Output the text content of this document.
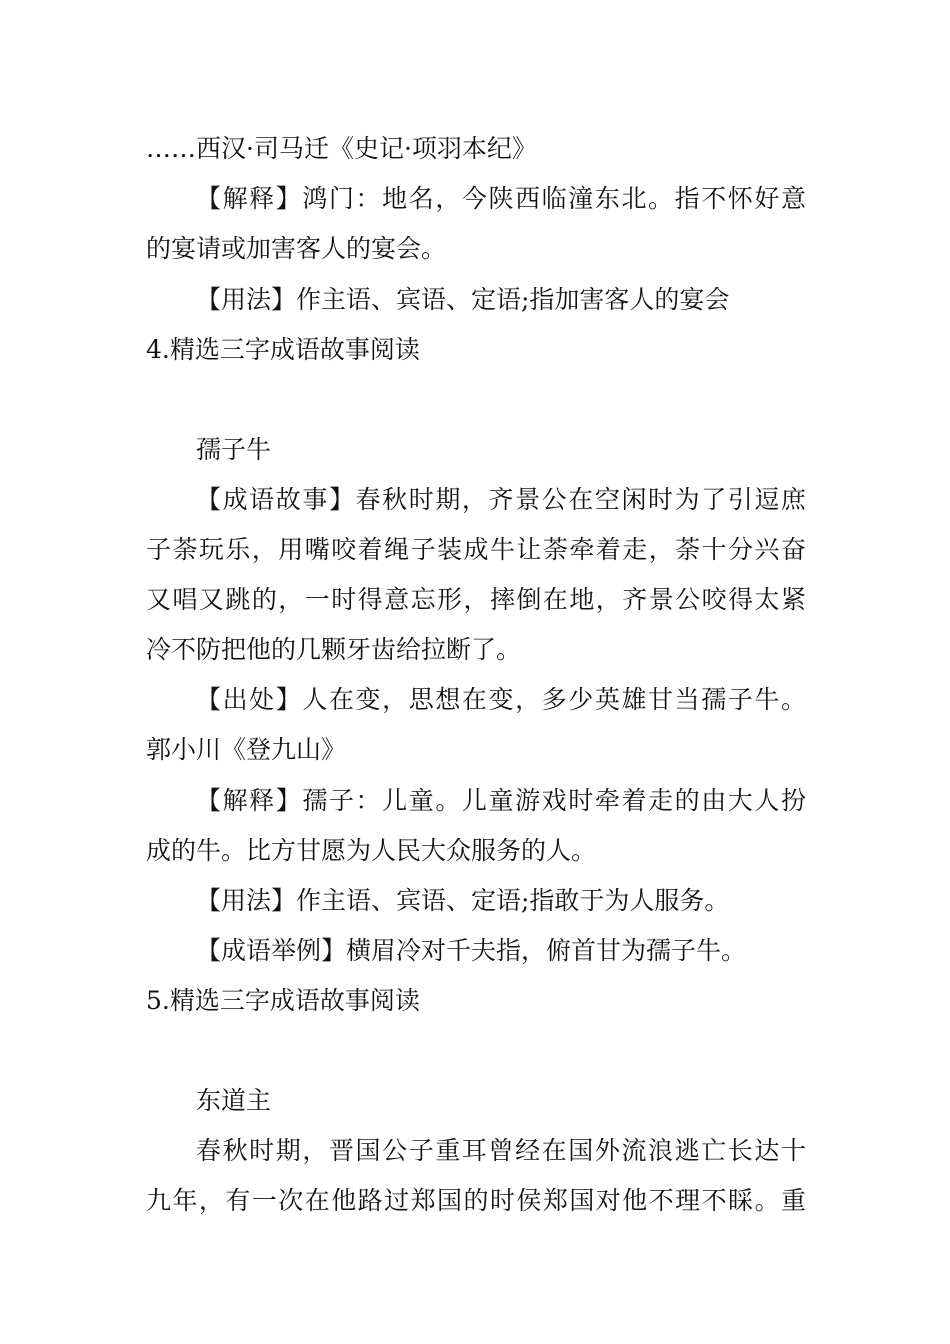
……西汉·司马迁《史记·项羽本纪》
【解释】鸿门：地名，今陕西临潼东北。指不怀好意
的宴请或加害客人的宴会。
【用法】作主语、宾语、定语;指加害客人的宴会
4.精选三字成语故事阅读
孺子牛
【成语故事】春秋时期，齐景公在空闲时为了引逗庶
子荼玩乐，用嘴咬着绳子装成牛让荼牵着走，荼十分兴奋
又唱又跳的，一时得意忘形，摔倒在地，齐景公咬得太紧
冷不防把他的几颗牙齿给拉断了。
【出处】人在变，思想在变，多少英雄甘当孺子牛。
郭小川《登九山》
【解释】孺子：儿童。儿童游戏时牵着走的由大人扮
成的牛。比方甘愿为人民大众服务的人。
【用法】作主语、宾语、定语;指敢于为人服务。
【成语举例】横眉冷对千夫指，俯首甘为孺子牛。
5.精选三字成语故事阅读
东道主
春秋时期，晋国公子重耳曾经在国外流浪逃亡长达十
九年，有一次在他路过郑国的时侯郑国对他不理不睬。重
